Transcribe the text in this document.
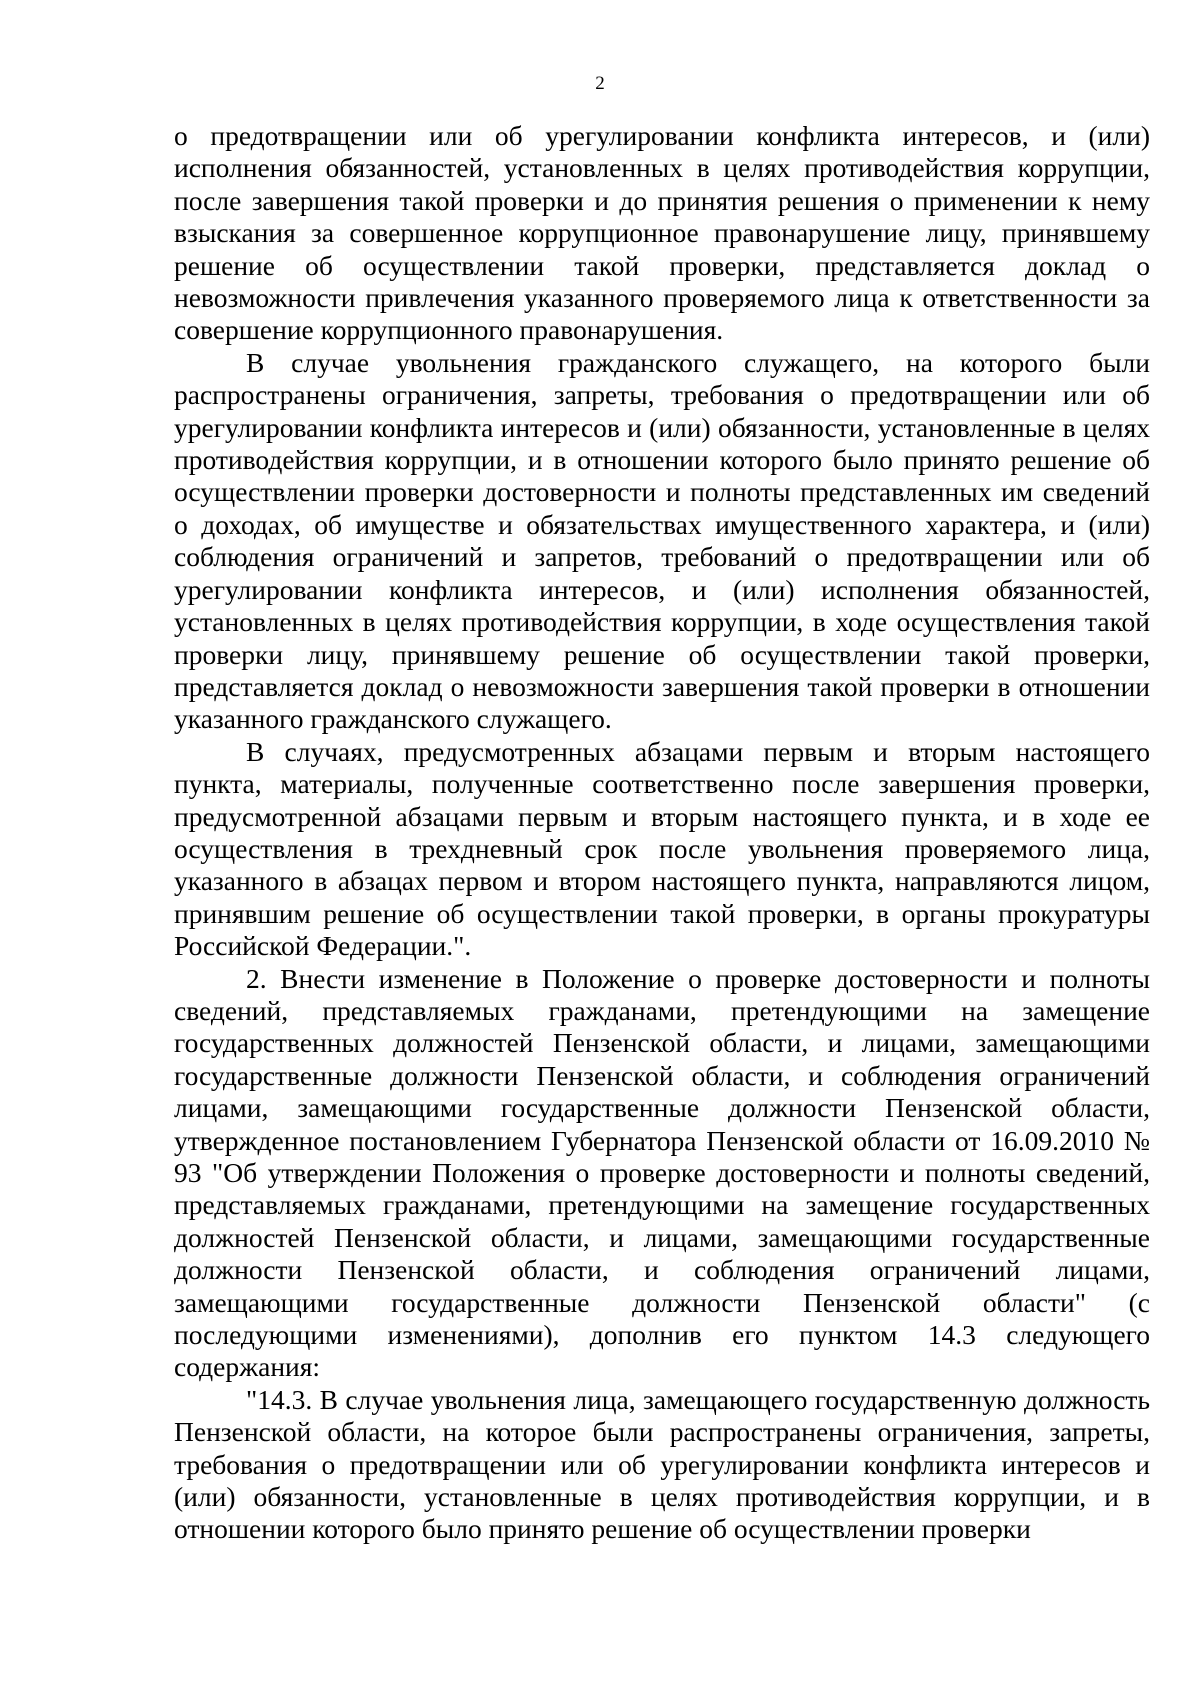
2

о предотвращении или об урегулировании конфликта интересов, и (или) исполнения обязанностей, установленных в целях противодействия коррупции, после завершения такой проверки и до принятия решения о применении к нему взыскания за совершенное коррупционное правонарушение лицу, принявшему решение об осуществлении такой проверки, представляется доклад о невозможности привлечения указанного проверяемого лица к ответственности за совершение коррупционного правонарушения.

В случае увольнения гражданского служащего, на которого были распространены ограничения, запреты, требования о предотвращении или об урегулировании конфликта интересов и (или) обязанности, установленные в целях противодействия коррупции, и в отношении которого было принято решение об осуществлении проверки достоверности и полноты представленных им сведений о доходах, об имуществе и обязательствах имущественного характера, и (или) соблюдения ограничений и запретов, требований о предотвращении или об урегулировании конфликта интересов, и (или) исполнения обязанностей, установленных в целях противодействия коррупции, в ходе осуществления такой проверки лицу, принявшему решение об осуществлении такой проверки, представляется доклад о невозможности завершения такой проверки в отношении указанного гражданского служащего.

В случаях, предусмотренных абзацами первым и вторым настоящего пункта, материалы, полученные соответственно после завершения проверки, предусмотренной абзацами первым и вторым настоящего пункта, и в ходе ее осуществления в трехдневный срок после увольнения проверяемого лица, указанного в абзацах первом и втором настоящего пункта, направляются лицом, принявшим решение об осуществлении такой проверки, в органы прокуратуры Российской Федерации.".

2. Внести изменение в Положение о проверке достоверности и полноты сведений, представляемых гражданами, претендующими на замещение государственных должностей Пензенской области, и лицами, замещающими государственные должности Пензенской области, и соблюдения ограничений лицами, замещающими государственные должности Пензенской области, утвержденное постановлением Губернатора Пензенской области от 16.09.2010 № 93 "Об утверждении Положения о проверке достоверности и полноты сведений, представляемых гражданами, претендующими на замещение государственных должностей Пензенской области, и лицами, замещающими государственные должности Пензенской области, и соблюдения ограничений лицами, замещающими государственные должности Пензенской области" (с последующими изменениями), дополнив его пунктом 14.3 следующего содержания:

"14.3. В случае увольнения лица, замещающего государственную должность Пензенской области, на которое были распространены ограничения, запреты, требования о предотвращении или об урегулировании конфликта интересов и (или) обязанности, установленные в целях противодействия коррупции, и в отношении которого было принято решение об осуществлении проверки
